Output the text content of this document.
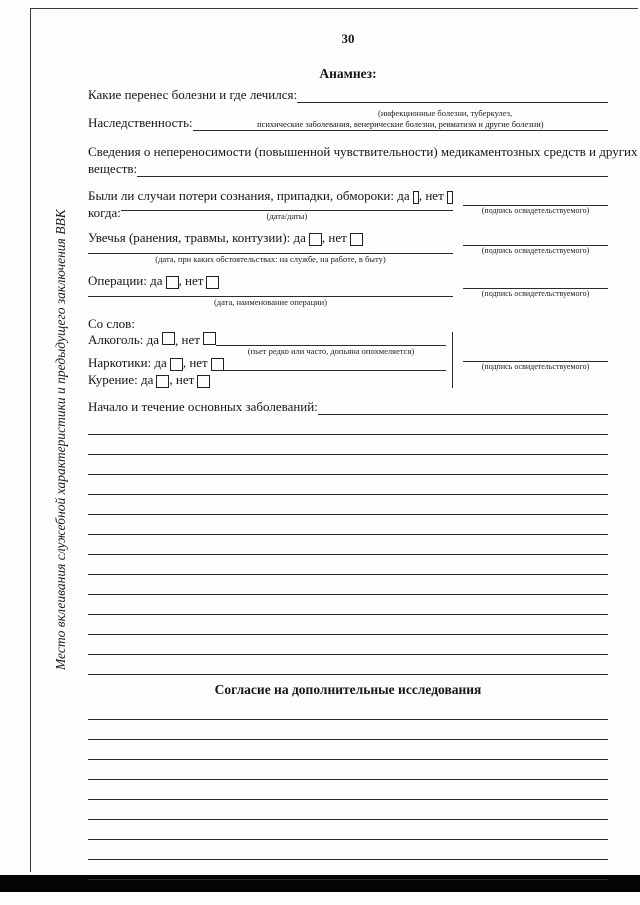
Место вклеивания служебной характеристики и предыдущего заключения ВВК
30
Анамнез:
Какие перенес болезни и где лечился:
(инфекционные болезни, туберкулез,
Наследственность:	психические заболевания, венерические болезни, ревматизм и другие болезни)
Сведения о непереносимости (повышенной чувствительности) медикаментозных средств и других
веществ:
Были ли случаи потери сознания, припадки, обмороки:
да , нет
когда:	(дата/даты)
(подпись освидетельствуемого)
Увечья (ранения, травмы, контузии):
да , нет
(дата, при каких обстоятельствах: на службе, на работе, в быту)
(подпись освидетельствуемого)
Операции:
да , нет
(дата, наименование операции)
(подпись освидетельствуемого)
Со слов:
Алкоголь:
да , нет
(пьет редко или часто, допьяна опохмеляется)
Наркотики:
да , нет
Курение:
да , нет
(подпись освидетельствуемого)
Начало и течение основных заболеваний:
Согласие на дополнительные исследования
